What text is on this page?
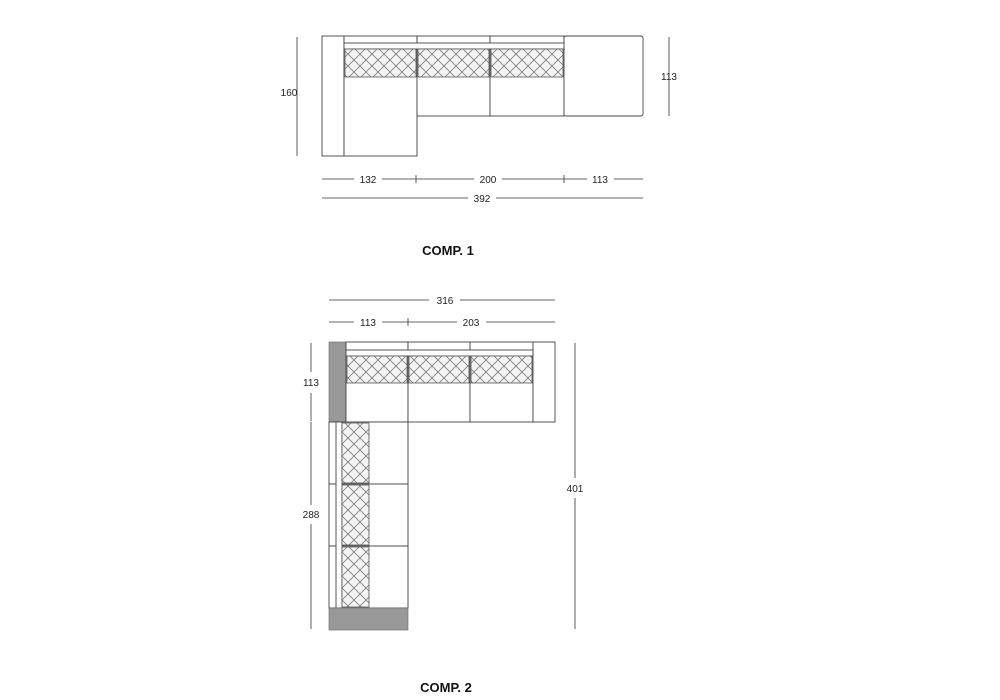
160
113
132	200	113
392
COMP. 1
316
113	203
113
288
401
COMP. 2
